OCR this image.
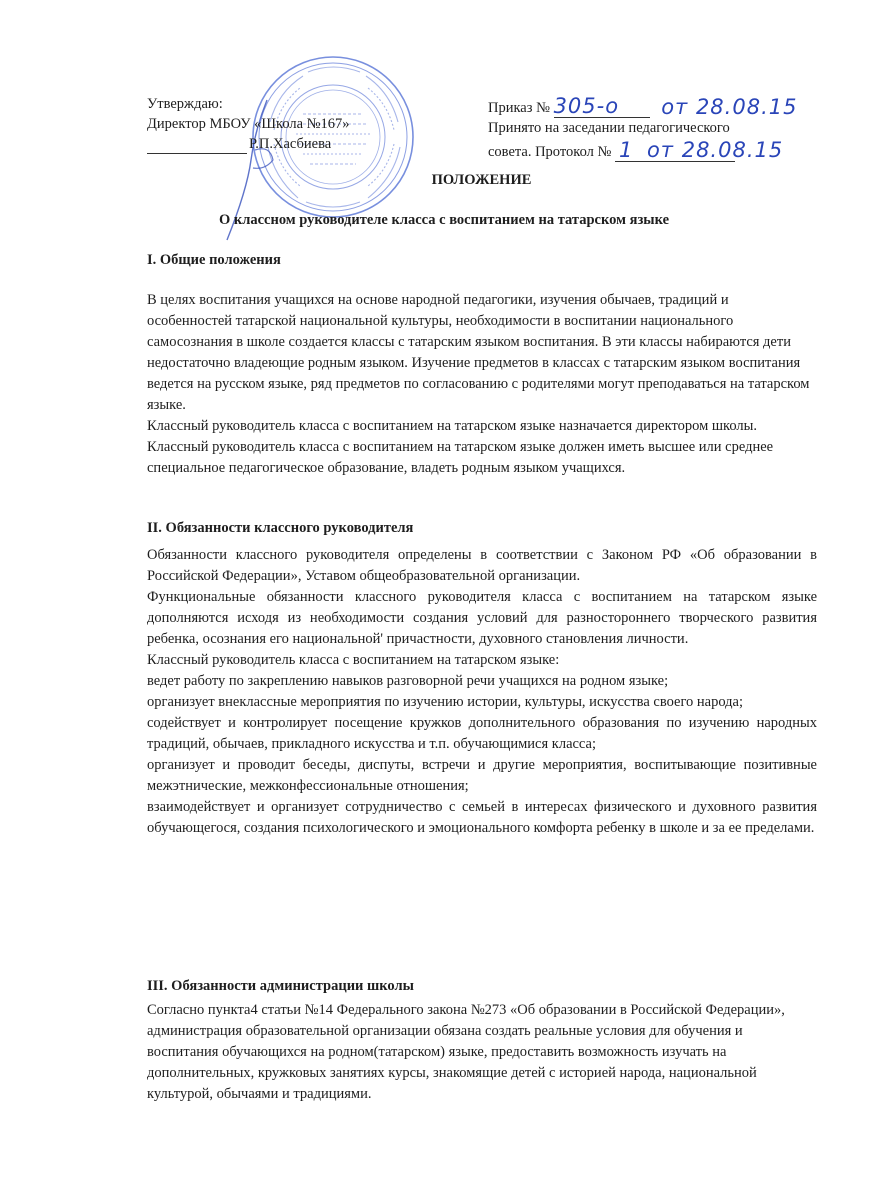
Утверждаю:
Директор МБОУ «Школа №167»
Р.П.Хасбиева
Приказ № 305-о от 28.08.15
Принято на заседании педагогического
совета. Протокол № 1 от 28.08.15
ПОЛОЖЕНИЕ
О классном руководителе класса с воспитанием на татарском языке
I. Общие положения

В целях воспитания учащихся на основе народной педагогики, изучения обычаев, традиций и особенностей татарской национальной культуры, необходимости в воспитании национального самосознания в школе создается классы с татарским языком воспитания. В эти классы набираются дети недостаточно владеющие родным языком. Изучение предметов в классах с татарским языком воспитания ведется на русском языке, ряд предметов по согласованию с родителями могут преподаваться на татарском языке.

Классный руководитель класса с воспитанием на татарском языке назначается директором школы. Классный руководитель класса с воспитанием на татарском языке должен иметь высшее или среднее специальное педагогическое образование, владеть родным языком учащихся.

II. Обязанности классного руководителя

Обязанности классного руководителя определены в соответствии с Законом РФ «Об образовании в Российской Федерации», Уставом общеобразовательной организации.

Функциональные обязанности классного руководителя класса с воспитанием на татарском языке дополняются исходя из необходимости создания условий для разностороннего творческого развития ребенка, осознания его национальной' причастности, духовного становления личности.

Классный руководитель класса с воспитанием на татарском языке:

ведет работу по закреплению навыков разговорной речи учащихся на родном языке;

организует внеклассные мероприятия по изучению истории, культуры, искусства своего народа;

содействует и контролирует посещение кружков дополнительного образования по изучению народных традиций, обычаев, прикладного искусства и т.п. обучающимися класса;

организует и проводит беседы, диспуты, встречи и другие мероприятия, воспитывающие позитивные межэтнические, межконфессиональные отношения;

взаимодействует и организует сотрудничество с семьей в интересах физического и духовного развития обучающегося, создания психологического и эмоционального комфорта ребенку в школе и за ее пределами.

III. Обязанности администрации школы

Согласно пункта4 статьи №14 Федерального закона №273 «Об образовании в Российской Федерации», администрация образовательной организации обязана создать реальные условия для обучения и воспитания обучающихся на родном(татарском) языке, предоставить возможность изучать на дополнительных, кружковых занятиях курсы, знакомящие детей с историей народа, национальной культурой, обычаями и традициями.
